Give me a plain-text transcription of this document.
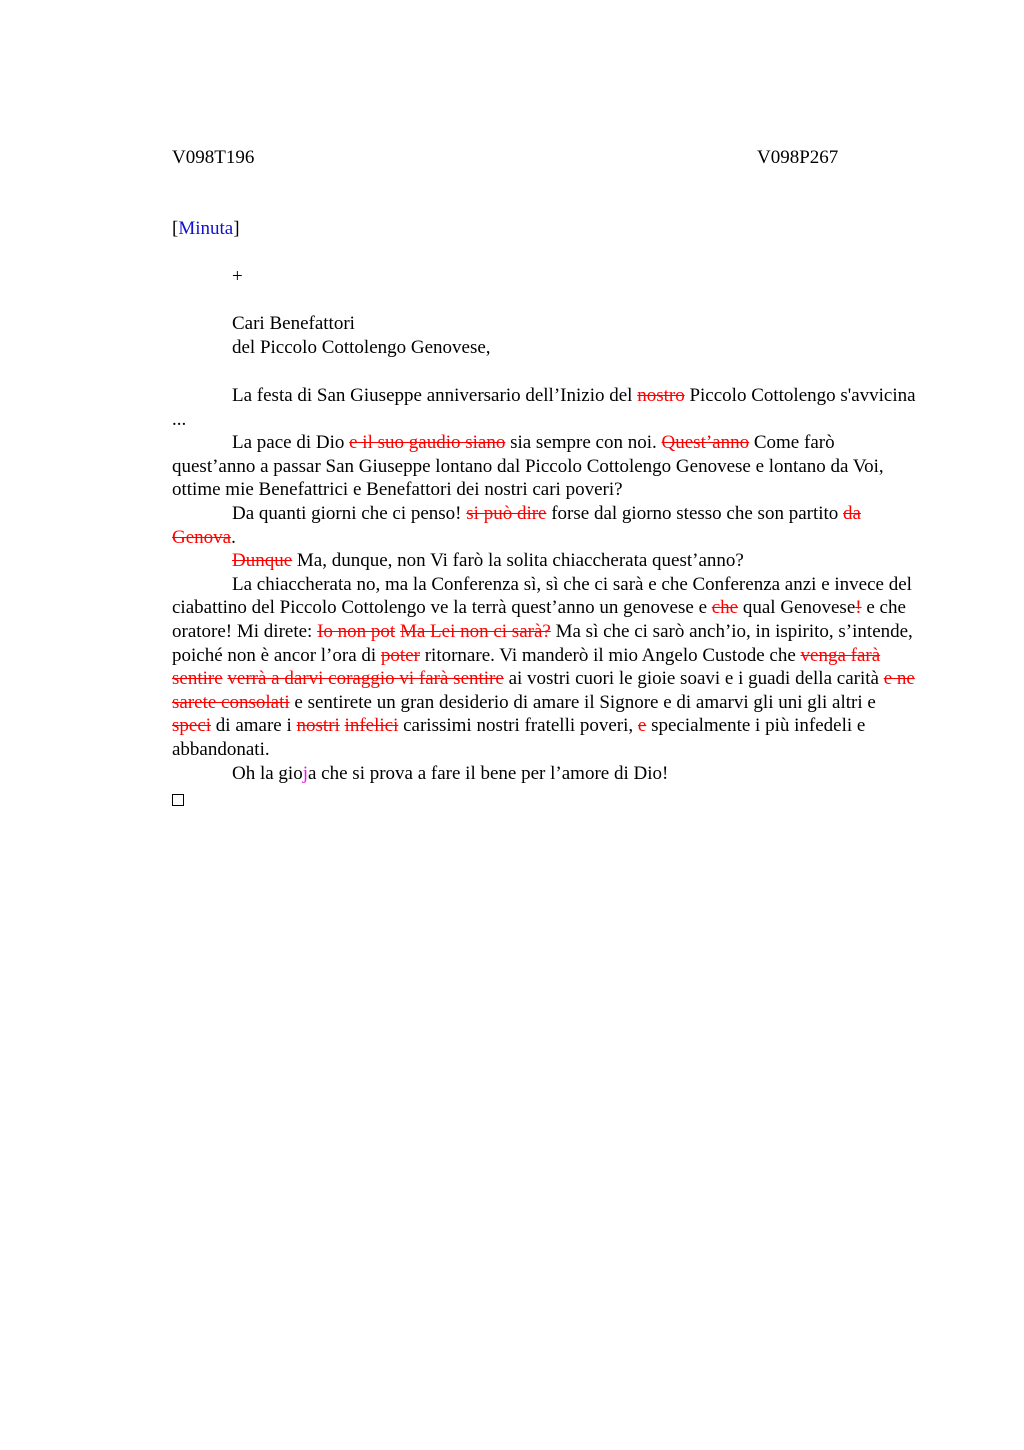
V098T196	V098P267
[Minuta]

+

Cari Benefattori

del Piccolo Cottolengo Genovese,

La festa di San Giuseppe anniversario dell’Inizio del nostro Piccolo Cottolengo s'avvicina ...

La pace di Dio e il suo gaudio siano sia sempre con noi. Quest’anno Come farò quest’anno a passar San Giuseppe lontano dal Piccolo Cottolengo Genovese e lontano da Voi, ottime mie Benefattrici e Benefattori dei nostri cari poveri?

Da quanti giorni che ci penso! si può dire forse dal giorno stesso che son partito da Genova.

Dunque Ma, dunque, non Vi farò la solita chiaccherata quest’anno?

La chiaccherata no, ma la Conferenza sì, sì che ci sarà e che Conferenza anzi e invece del ciabattino del Piccolo Cottolengo ve la terrà quest’anno un genovese e che qual Genovese! e che oratore! Mi direte: Io non pot Ma Lei non ci sarà? Ma sì che ci sarò anch’io, in ispirito, s’intende, poiché non è ancor l’ora di poter ritornare. Vi manderò il mio Angelo Custode che venga farà sentire verrà a darvi coraggio vi farà sentire ai vostri cuori le gioie soavi e i guadi della carità e ne sarete consolati e sentirete un gran desiderio di amare il Signore e di amarvi gli uni gli altri e speci di amare i nostri infelici carissimi nostri fratelli poveri, e specialmente i più infedeli e abbandonati.

Oh la gioja che si prova a fare il bene per l’amore di Dio!
